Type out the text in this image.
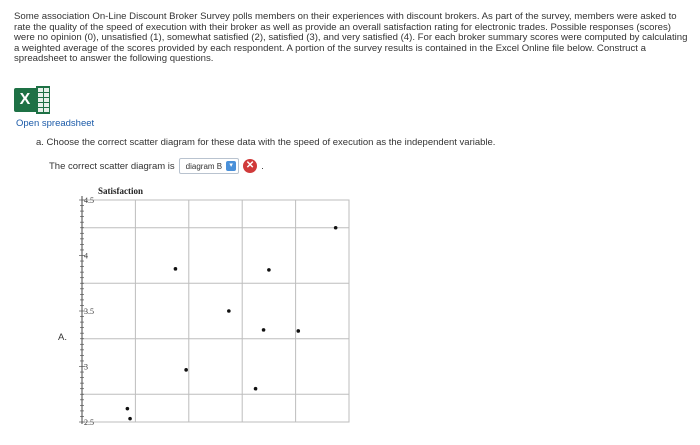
Some association On-Line Discount Broker Survey polls members on their experiences with discount brokers. As part of the survey, members were asked to rate the quality of the speed of execution with their broker as well as provide an overall satisfaction rating for electronic trades. Possible responses (scores) were no opinion (0), unsatisfied (1), somewhat satisfied (2), satisfied (3), and very satisfied (4). For each broker summary scores were computed by calculating a weighted average of the scores provided by each respondent. A portion of the survey results is contained in the Excel Online file below. Construct a spreadsheet to answer the following questions.
X
Open spreadsheet
a. Choose the correct scatter diagram for these data with the speed of execution as the independent variable.
The correct scatter diagram is diagram B	▾	✕ .
A.
Satisfaction
4.5
4
3.5
3
2.5
